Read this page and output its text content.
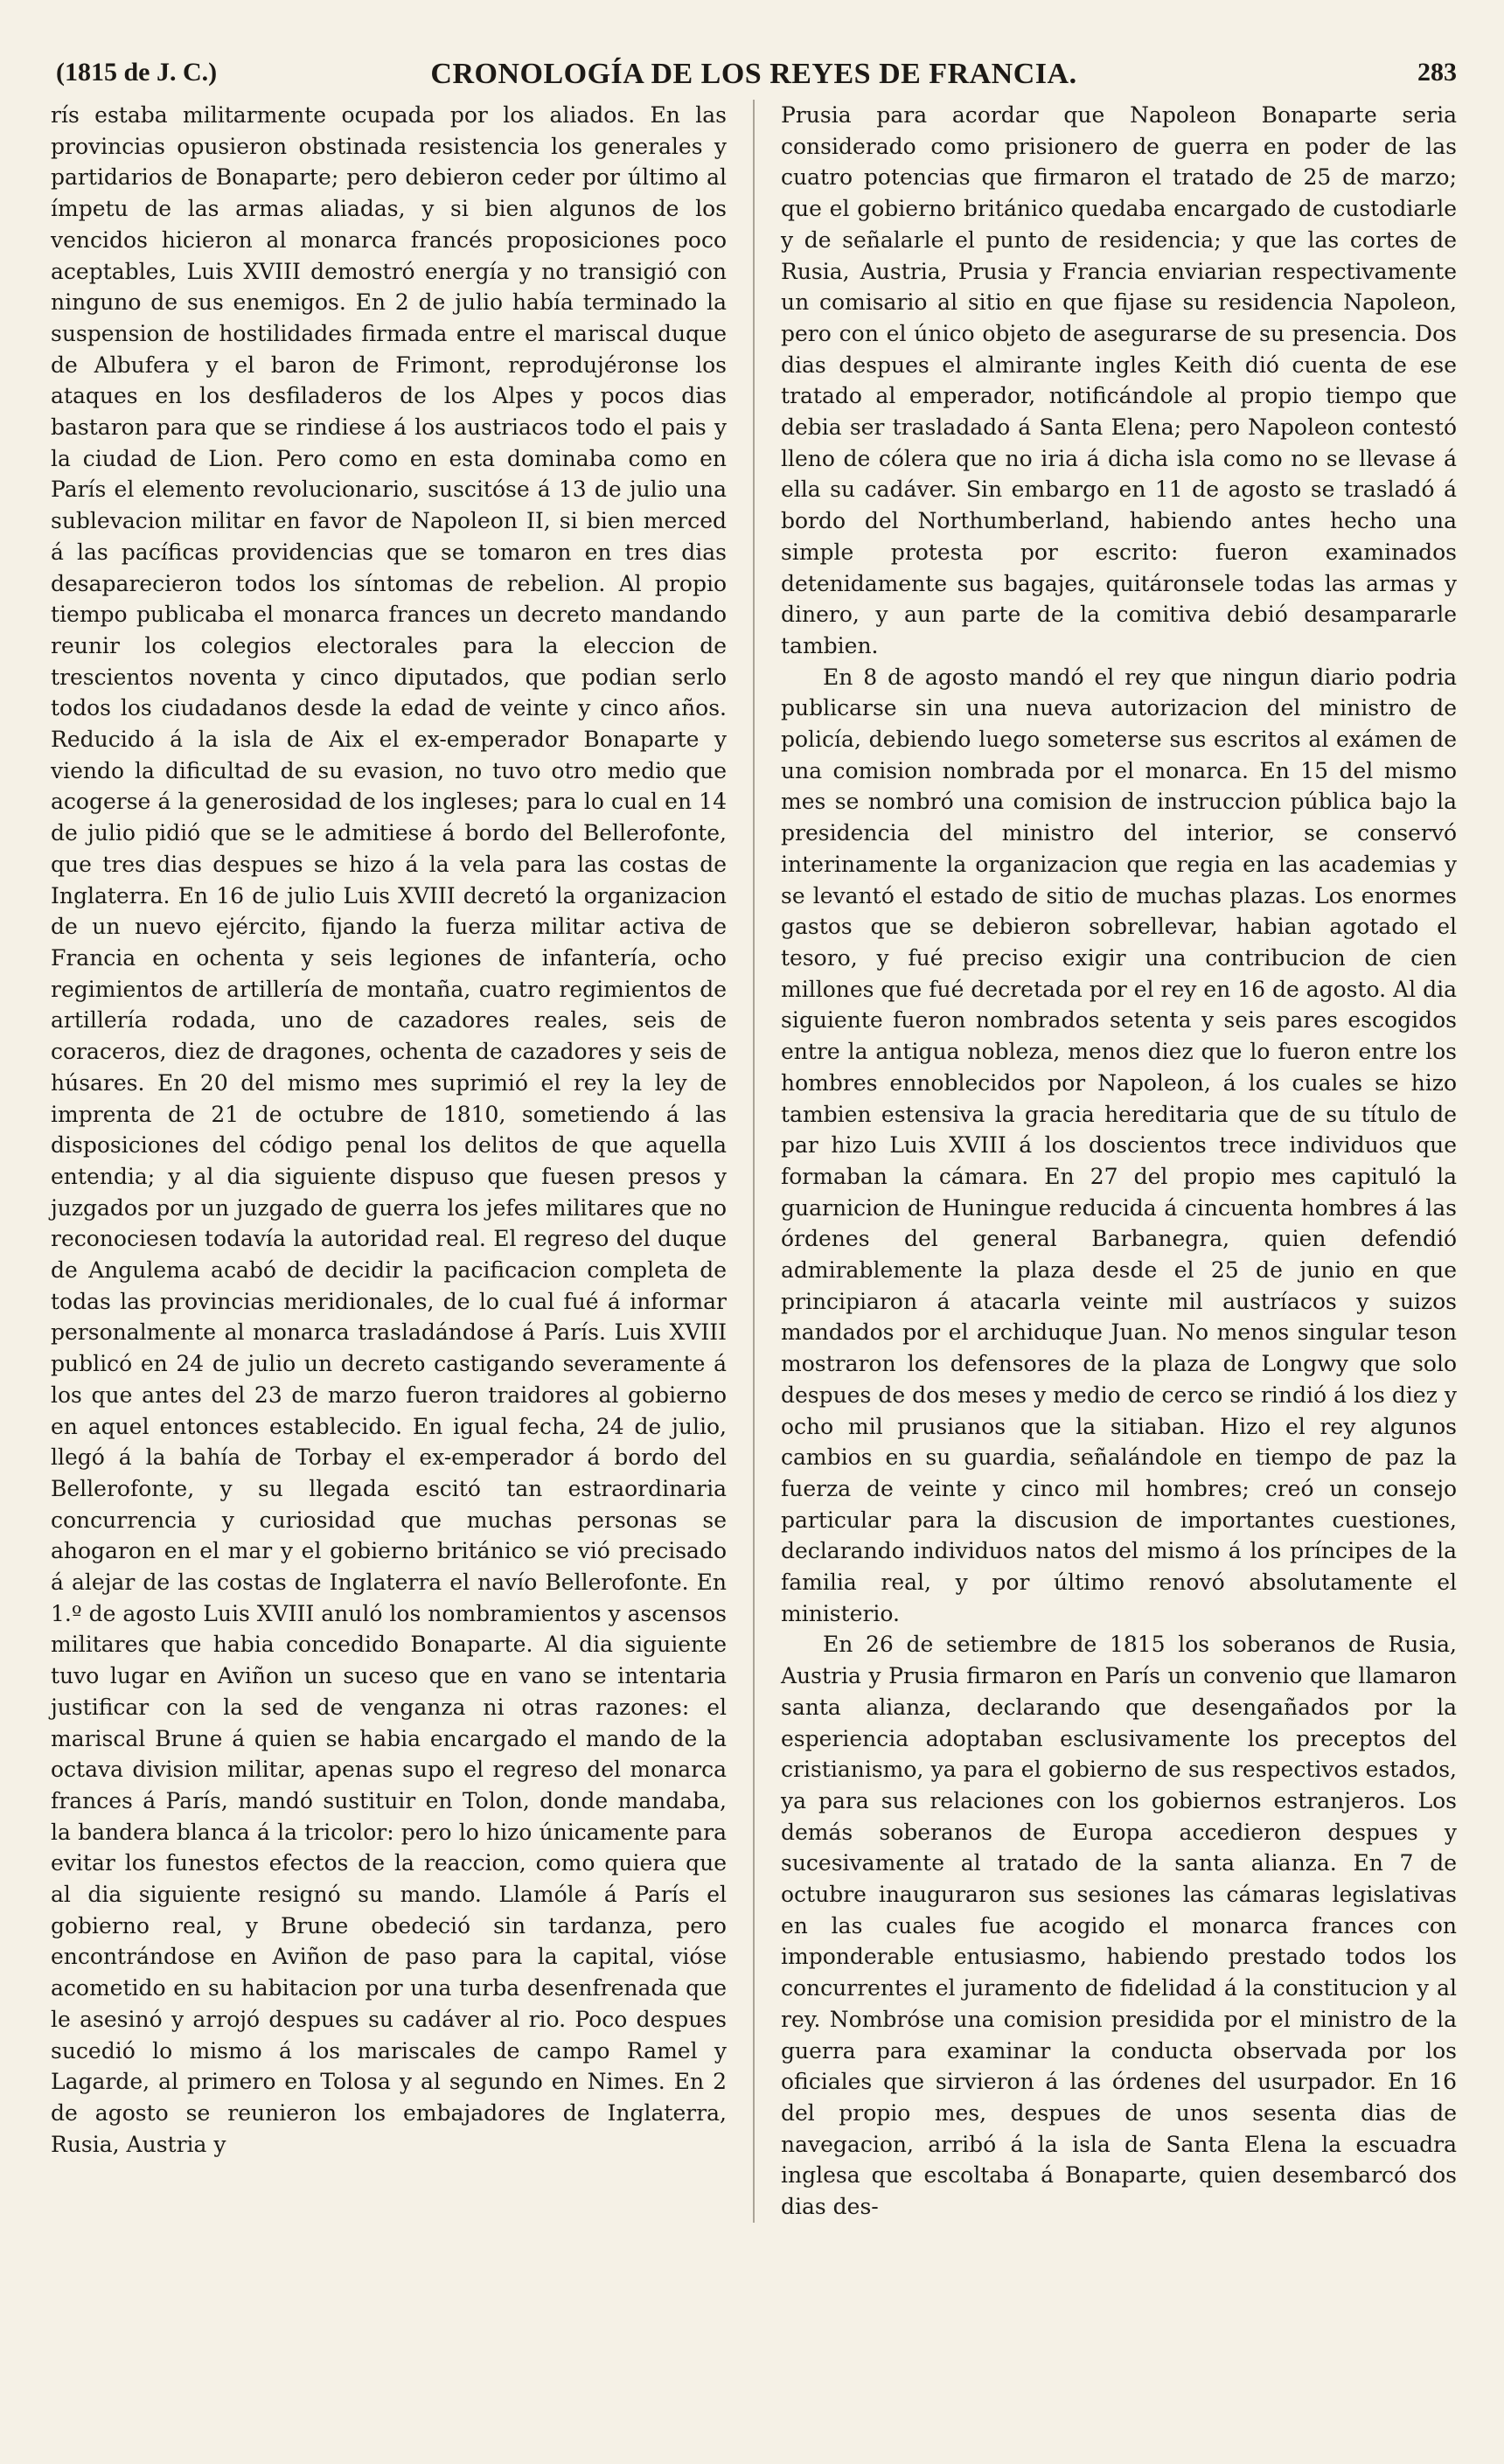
(1815 de J. C.)	CRONOLOGÍA DE LOS REYES DE FRANCIA.	283

rís estaba militarmente ocupada por los aliados. En las provincias opusieron obstinada resistencia los generales y partidarios de Bonaparte; pero debieron ceder por último al ímpetu de las armas aliadas, y si bien algunos de los vencidos hicieron al monarca francés proposiciones poco aceptables, Luis XVIII demostró energía y no transigió con ninguno de sus enemigos. En 2 de julio había terminado la suspension de hostilidades firmada entre el mariscal duque de Albufera y el baron de Frimont, reprodujéronse los ataques en los desfiladeros de los Alpes y pocos dias bastaron para que se rindiese á los austriacos todo el pais y la ciudad de Lion. Pero como en esta dominaba como en París el elemento revolucionario, suscitóse á 13 de julio una sublevacion militar en favor de Napoleon II, si bien merced á las pacíficas providencias que se tomaron en tres dias desaparecieron todos los síntomas de rebelion. Al propio tiempo publicaba el monarca frances un decreto mandando reunir los colegios electorales para la eleccion de trescientos noventa y cinco diputados, que podian serlo todos los ciudadanos desde la edad de veinte y cinco años. Reducido á la isla de Aix el ex-emperador Bonaparte y viendo la dificultad de su evasion, no tuvo otro medio que acogerse á la generosidad de los ingleses; para lo cual en 14 de julio pidió que se le admitiese á bordo del Bellerofonte, que tres dias despues se hizo á la vela para las costas de Inglaterra. En 16 de julio Luis XVIII decretó la organizacion de un nuevo ejército, fijando la fuerza militar activa de Francia en ochenta y seis legiones de infantería, ocho regimientos de artillería de montaña, cuatro regimientos de artillería rodada, uno de cazadores reales, seis de coraceros, diez de dragones, ochenta de cazadores y seis de húsares. En 20 del mismo mes suprimió el rey la ley de imprenta de 21 de octubre de 1810, sometiendo á las disposiciones del código penal los delitos de que aquella entendia; y al dia siguiente dispuso que fuesen presos y juzgados por un juzgado de guerra los jefes militares que no reconociesen todavía la autoridad real. El regreso del duque de Angulema acabó de decidir la pacificacion completa de todas las provincias meridionales, de lo cual fué á informar personalmente al monarca trasladándose á París. Luis XVIII publicó en 24 de julio un decreto castigando severamente á los que antes del 23 de marzo fueron traidores al gobierno en aquel entonces establecido. En igual fecha, 24 de julio, llegó á la bahía de Torbay el ex-emperador á bordo del Bellerofonte, y su llegada escitó tan estraordinaria concurrencia y curiosidad que muchas personas se ahogaron en el mar y el gobierno británico se vió precisado á alejar de las costas de Inglaterra el navío Bellerofonte. En 1.º de agosto Luis XVIII anuló los nombramientos y ascensos militares que habia concedido Bonaparte. Al dia siguiente tuvo lugar en Aviñon un suceso que en vano se intentaria justificar con la sed de venganza ni otras razones: el mariscal Brune á quien se habia encargado el mando de la octava division militar, apenas supo el regreso del monarca frances á París, mandó sustituir en Tolon, donde mandaba, la bandera blanca á la tricolor: pero lo hizo únicamente para evitar los funestos efectos de la reaccion, como quiera que al dia siguiente resignó su mando. Llamóle á París el gobierno real, y Brune obedeció sin tardanza, pero encontrándose en Aviñon de paso para la capital, vióse acometido en su habitacion por una turba desenfrenada que le asesinó y arrojó despues su cadáver al rio. Poco despues sucedió lo mismo á los mariscales de campo Ramel y Lagarde, al primero en Tolosa y al segundo en Nimes. En 2 de agosto se reunieron los embajadores de Inglaterra, Rusia, Austria y

Prusia para acordar que Napoleon Bonaparte seria considerado como prisionero de guerra en poder de las cuatro potencias que firmaron el tratado de 25 de marzo; que el gobierno británico quedaba encargado de custodiarle y de señalarle el punto de residencia; y que las cortes de Rusia, Austria, Prusia y Francia enviarian respectivamente un comisario al sitio en que fijase su residencia Napoleon, pero con el único objeto de asegurarse de su presencia. Dos dias despues el almirante ingles Keith dió cuenta de ese tratado al emperador, notificándole al propio tiempo que debia ser trasladado á Santa Elena; pero Napoleon contestó lleno de cólera que no iria á dicha isla como no se llevase á ella su cadáver. Sin embargo en 11 de agosto se trasladó á bordo del Northumberland, habiendo antes hecho una simple protesta por escrito: fueron examinados detenidamente sus bagajes, quitáronsele todas las armas y dinero, y aun parte de la comitiva debió desampararle tambien.

En 8 de agosto mandó el rey que ningun diario podria publicarse sin una nueva autorizacion del ministro de policía, debiendo luego someterse sus escritos al exámen de una comision nombrada por el monarca. En 15 del mismo mes se nombró una comision de instruccion pública bajo la presidencia del ministro del interior, se conservó interinamente la organizacion que regia en las academias y se levantó el estado de sitio de muchas plazas. Los enormes gastos que se debieron sobrellevar, habian agotado el tesoro, y fué preciso exigir una contribucion de cien millones que fué decretada por el rey en 16 de agosto. Al dia siguiente fueron nombrados setenta y seis pares escogidos entre la antigua nobleza, menos diez que lo fueron entre los hombres ennoblecidos por Napoleon, á los cuales se hizo tambien estensiva la gracia hereditaria que de su título de par hizo Luis XVIII á los doscientos trece individuos que formaban la cámara. En 27 del propio mes capituló la guarnicion de Huningue reducida á cincuenta hombres á las órdenes del general Barbanegra, quien defendió admirablemente la plaza desde el 25 de junio en que principiaron á atacarla veinte mil austríacos y suizos mandados por el archiduque Juan. No menos singular teson mostraron los defensores de la plaza de Longwy que solo despues de dos meses y medio de cerco se rindió á los diez y ocho mil prusianos que la sitiaban. Hizo el rey algunos cambios en su guardia, señalándole en tiempo de paz la fuerza de veinte y cinco mil hombres; creó un consejo particular para la discusion de importantes cuestiones, declarando individuos natos del mismo á los príncipes de la familia real, y por último renovó absolutamente el ministerio.

En 26 de setiembre de 1815 los soberanos de Rusia, Austria y Prusia firmaron en París un convenio que llamaron santa alianza, declarando que desengañados por la esperiencia adoptaban esclusivamente los preceptos del cristianismo, ya para el gobierno de sus respectivos estados, ya para sus relaciones con los gobiernos estranjeros. Los demás soberanos de Europa accedieron despues y sucesivamente al tratado de la santa alianza. En 7 de octubre inauguraron sus sesiones las cámaras legislativas en las cuales fue acogido el monarca frances con imponderable entusiasmo, habiendo prestado todos los concurrentes el juramento de fidelidad á la constitucion y al rey. Nombróse una comision presidida por el ministro de la guerra para examinar la conducta observada por los oficiales que sirvieron á las órdenes del usurpador. En 16 del propio mes, despues de unos sesenta dias de navegacion, arribó á la isla de Santa Elena la escuadra inglesa que escoltaba á Bonaparte, quien desembarcó dos dias des-
